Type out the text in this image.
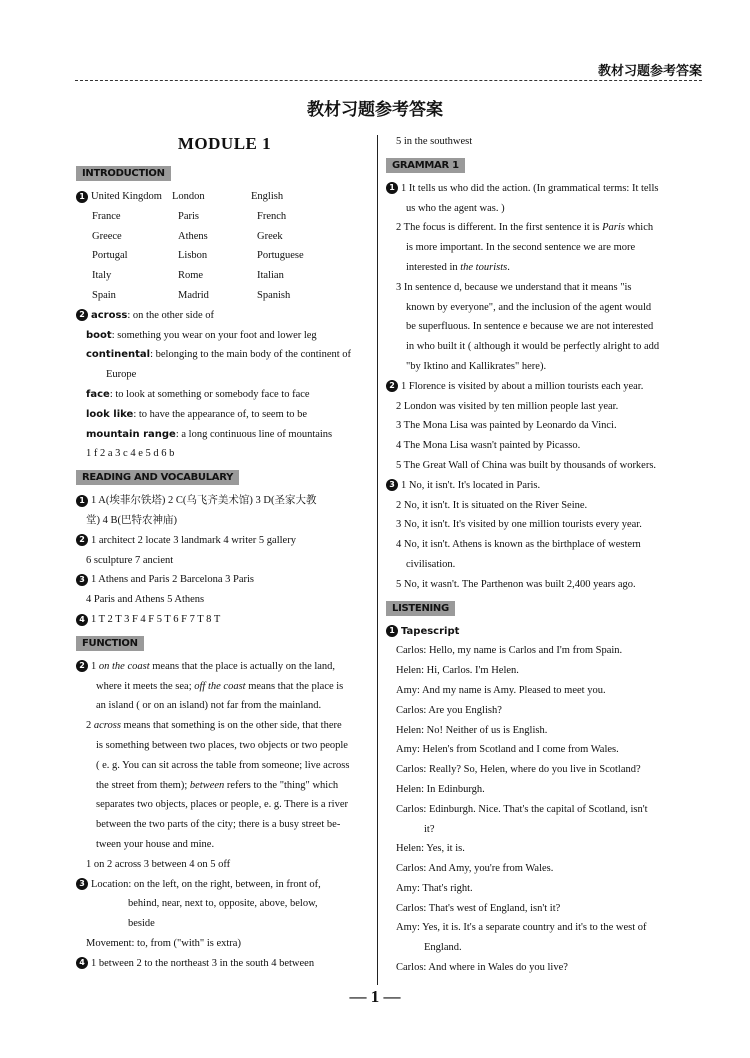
教材习题参考答案
教材习题参考答案
MODULE 1
INTRODUCTION
1 United Kingdom London	English
France	Paris	French
Greece	Athens	Greek
Portugal	Lisbon	Portuguese
Italy	Rome	Italian
Spain	Madrid	Spanish
2 across: on the other side of
boot: something you wear on your foot and lower leg
continental: belonging to the main body of the continent of
Europe
face: to look at something or somebody face to face
look like: to have the appearance of, to seem to be
mountain range: a long continuous line of mountains
1 f 2 a 3 c 4 e 5 d 6 b
READING AND VOCABULARY
1 1 A(埃菲尔铁塔) 2 C(乌飞齐美术馆) 3 D(圣家大教
堂) 4 B(巴特农神庙)
2 1 architect 2 locate 3 landmark 4 writer 5 gallery
6 sculpture 7 ancient
3 1 Athens and Paris 2 Barcelona 3 Paris
4 Paris and Athens 5 Athens
4 1 T 2 T 3 F 4 F 5 T 6 F 7 T 8 T
FUNCTION
2 1 on the coast means that the place is actually on the land,
where it meets the sea; off the coast means that the place is
an island ( or on an island) not far from the mainland.
2 across means that something is on the other side, that there
is something between two places, two objects or two people
( e. g. You can sit across the table from someone; live across
the street from them); between refers to the "thing" which
separates two objects, places or people, e. g. There is a river
between the two parts of the city; there is a busy street be-
tween your house and mine.
1 on 2 across 3 between 4 on 5 off
3 Location: on the left, on the right, between, in front of,
behind, near, next to, opposite, above, below,
beside
Movement: to, from ("with" is extra)
4 1 between 2 to the northeast 3 in the south 4 between
5 in the southwest
GRAMMAR 1
1 1 It tells us who did the action. (In grammatical terms: It tells
us who the agent was. )
2 The focus is different. In the first sentence it is Paris which
is more important. In the second sentence we are more
interested in the tourists.
3 In sentence d, because we understand that it means "is
known by everyone", and the inclusion of the agent would
be superfluous. In sentence e because we are not interested
in who built it ( although it would be perfectly alright to add
"by Iktino and Kallikrates" here).
2 1 Florence is visited by about a million tourists each year.
2 London was visited by ten million people last year.
3 The Mona Lisa was painted by Leonardo da Vinci.
4 The Mona Lisa wasn't painted by Picasso.
5 The Great Wall of China was built by thousands of workers.
3 1 No, it isn't. It's located in Paris.
2 No, it isn't. It is situated on the River Seine.
3 No, it isn't. It's visited by one million tourists every year.
4 No, it isn't. Athens is known as the birthplace of western
civilisation.
5 No, it wasn't. The Parthenon was built 2,400 years ago.
LISTENING
1 Tapescript
Carlos: Hello, my name is Carlos and I'm from Spain.
Helen: Hi, Carlos. I'm Helen.
Amy: And my name is Amy. Pleased to meet you.
Carlos: Are you English?
Helen: No! Neither of us is English.
Amy: Helen's from Scotland and I come from Wales.
Carlos: Really? So, Helen, where do you live in Scotland?
Helen: In Edinburgh.
Carlos: Edinburgh. Nice. That's the capital of Scotland, isn't
it?
Helen: Yes, it is.
Carlos: And Amy, you're from Wales.
Amy: That's right.
Carlos: That's west of England, isn't it?
Amy: Yes, it is. It's a separate country and it's to the west of
England.
Carlos: And where in Wales do you live?
— 1 —
